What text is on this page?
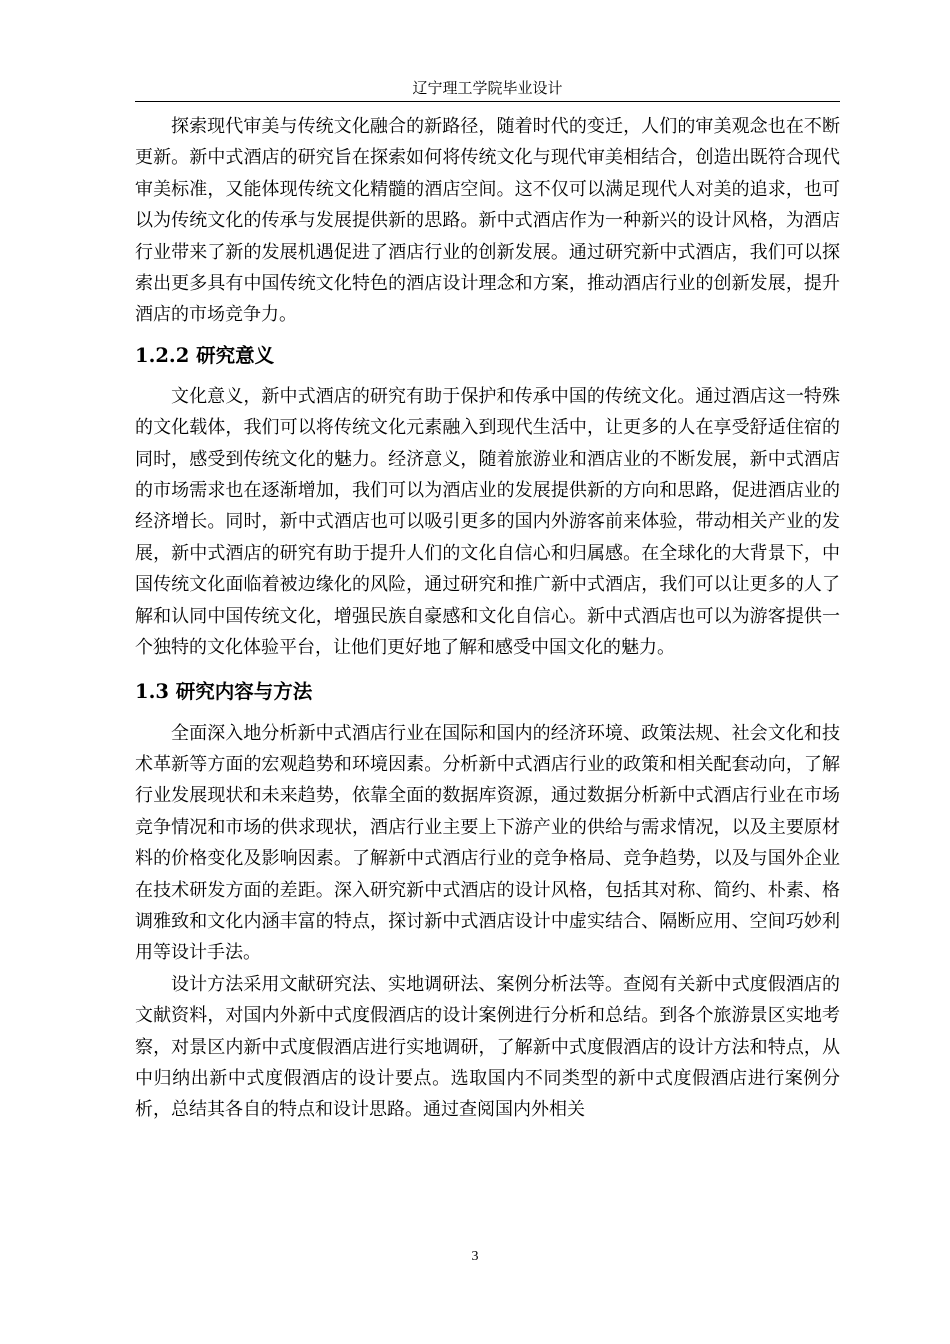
辽宁理工学院毕业设计

探索现代审美与传统文化融合的新路径，随着时代的变迁，人们的审美观念也在不断更新。新中式酒店的研究旨在探索如何将传统文化与现代审美相结合，创造出既符合现代审美标准，又能体现传统文化精髓的酒店空间。这不仅可以满足现代人对美的追求，也可以为传统文化的传承与发展提供新的思路。新中式酒店作为一种新兴的设计风格，为酒店行业带来了新的发展机遇促进了酒店行业的创新发展。通过研究新中式酒店，我们可以探索出更多具有中国传统文化特色的酒店设计理念和方案，推动酒店行业的创新发展，提升酒店的市场竞争力。

1.2.2 研究意义

文化意义，新中式酒店的研究有助于保护和传承中国的传统文化。通过酒店这一特殊的文化载体，我们可以将传统文化元素融入到现代生活中，让更多的人在享受舒适住宿的同时，感受到传统文化的魅力。经济意义，随着旅游业和酒店业的不断发展，新中式酒店的市场需求也在逐渐增加，我们可以为酒店业的发展提供新的方向和思路，促进酒店业的经济增长。同时，新中式酒店也可以吸引更多的国内外游客前来体验，带动相关产业的发展，新中式酒店的研究有助于提升人们的文化自信心和归属感。在全球化的大背景下，中国传统文化面临着被边缘化的风险，通过研究和推广新中式酒店，我们可以让更多的人了解和认同中国传统文化，增强民族自豪感和文化自信心。新中式酒店也可以为游客提供一个独特的文化体验平台，让他们更好地了解和感受中国文化的魅力。

1.3 研究内容与方法

全面深入地分析新中式酒店行业在国际和国内的经济环境、政策法规、社会文化和技术革新等方面的宏观趋势和环境因素。分析新中式酒店行业的政策和相关配套动向，了解行业发展现状和未来趋势，依靠全面的数据库资源，通过数据分析新中式酒店行业在市场竞争情况和市场的供求现状，酒店行业主要上下游产业的供给与需求情况，以及主要原材料的价格变化及影响因素。了解新中式酒店行业的竞争格局、竞争趋势，以及与国外企业在技术研发方面的差距。深入研究新中式酒店的设计风格，包括其对称、简约、朴素、格调雅致和文化内涵丰富的特点，探讨新中式酒店设计中虚实结合、隔断应用、空间巧妙利用等设计手法。

设计方法采用文献研究法、实地调研法、案例分析法等。查阅有关新中式度假酒店的文献资料，对国内外新中式度假酒店的设计案例进行分析和总结。到各个旅游景区实地考察，对景区内新中式度假酒店进行实地调研，了解新中式度假酒店的设计方法和特点，从中归纳出新中式度假酒店的设计要点。选取国内不同类型的新中式度假酒店进行案例分析，总结其各自的特点和设计思路。通过查阅国内外相关

3
